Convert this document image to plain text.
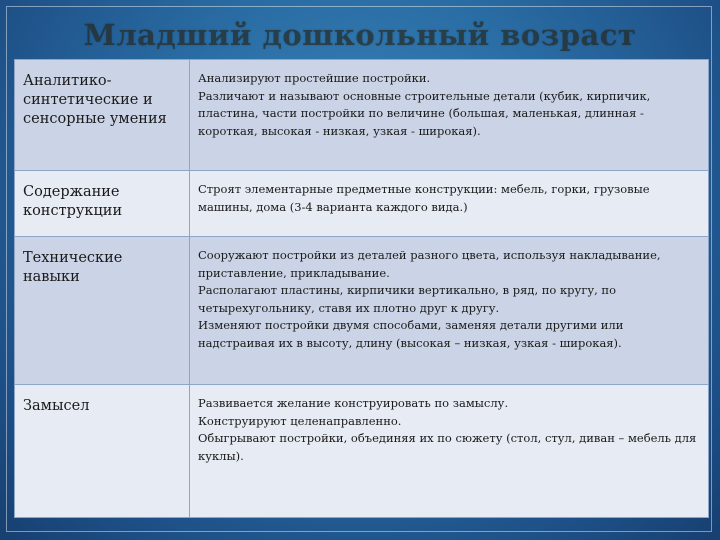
Младший дошкольный возраст
Аналитико-синтетические и сенсорные умения	Анализируют простейшие постройки.
Различают и называют основные строительные детали (кубик, кирпичик, пластина, части постройки по величине (большая, маленькая, длинная - короткая, высокая - низкая, узкая - широкая).

Содержание конструкции	Строят элементарные предметные конструкции: мебель, горки, грузовые машины, дома (3-4 варианта каждого вида.)

Технические навыки	Сооружают постройки из деталей разного цвета, используя накладывание, приставление, прикладывание.
Располагают пластины, кирпичики вертикально, в ряд, по кругу, по четырехугольнику, ставя их плотно друг к другу.
Изменяют постройки двумя способами, заменяя детали другими или надстраивая их в высоту, длину (высокая – низкая, узкая - широкая).

Замысел	Развивается желание конструировать по замыслу.
Конструируют целенаправленно.
Обыгрывают постройки, объединяя их по сюжету (стол, стул, диван – мебель для куклы).
